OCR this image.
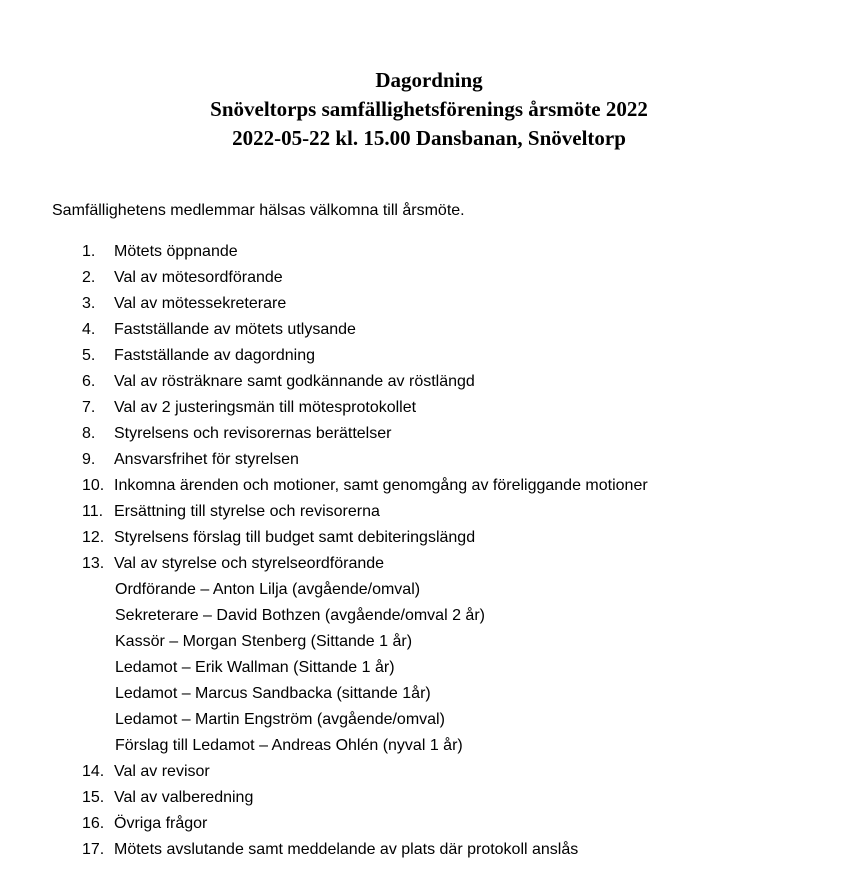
Dagordning
Snöveltorps samfällighetsförenings årsmöte 2022
2022-05-22 kl. 15.00 Dansbanan, Snöveltorp
Samfällighetens medlemmar hälsas välkomna till årsmöte.
1.	Mötets öppnande
2.	Val av mötesordförande
3.	Val av mötessekreterare
4.	Fastställande av mötets utlysande
5.	Fastställande av dagordning
6.	Val av rösträknare samt godkännande av röstlängd
7.	Val av 2 justeringsmän till mötesprotokollet
8.	Styrelsens och revisorernas berättelser
9.	Ansvarsfrihet för styrelsen
10. Inkomna ärenden och motioner, samt genomgång av föreliggande motioner
11. Ersättning till styrelse och revisorerna
12. Styrelsens förslag till budget samt debiteringslängd
13. Val av styrelse och styrelseordförande
Ordförande – Anton Lilja (avgående/omval)
Sekreterare – David Bothzen (avgående/omval 2 år)
Kassör – Morgan Stenberg (Sittande 1 år)
Ledamot – Erik Wallman (Sittande 1 år)
Ledamot – Marcus Sandbacka (sittande 1år)
Ledamot – Martin Engström (avgående/omval)
Förslag till Ledamot – Andreas Ohlén (nyval 1 år)
14. Val av revisor
15. Val av valberedning
16. Övriga frågor
17. Mötets avslutande samt meddelande av plats där protokoll anslås
